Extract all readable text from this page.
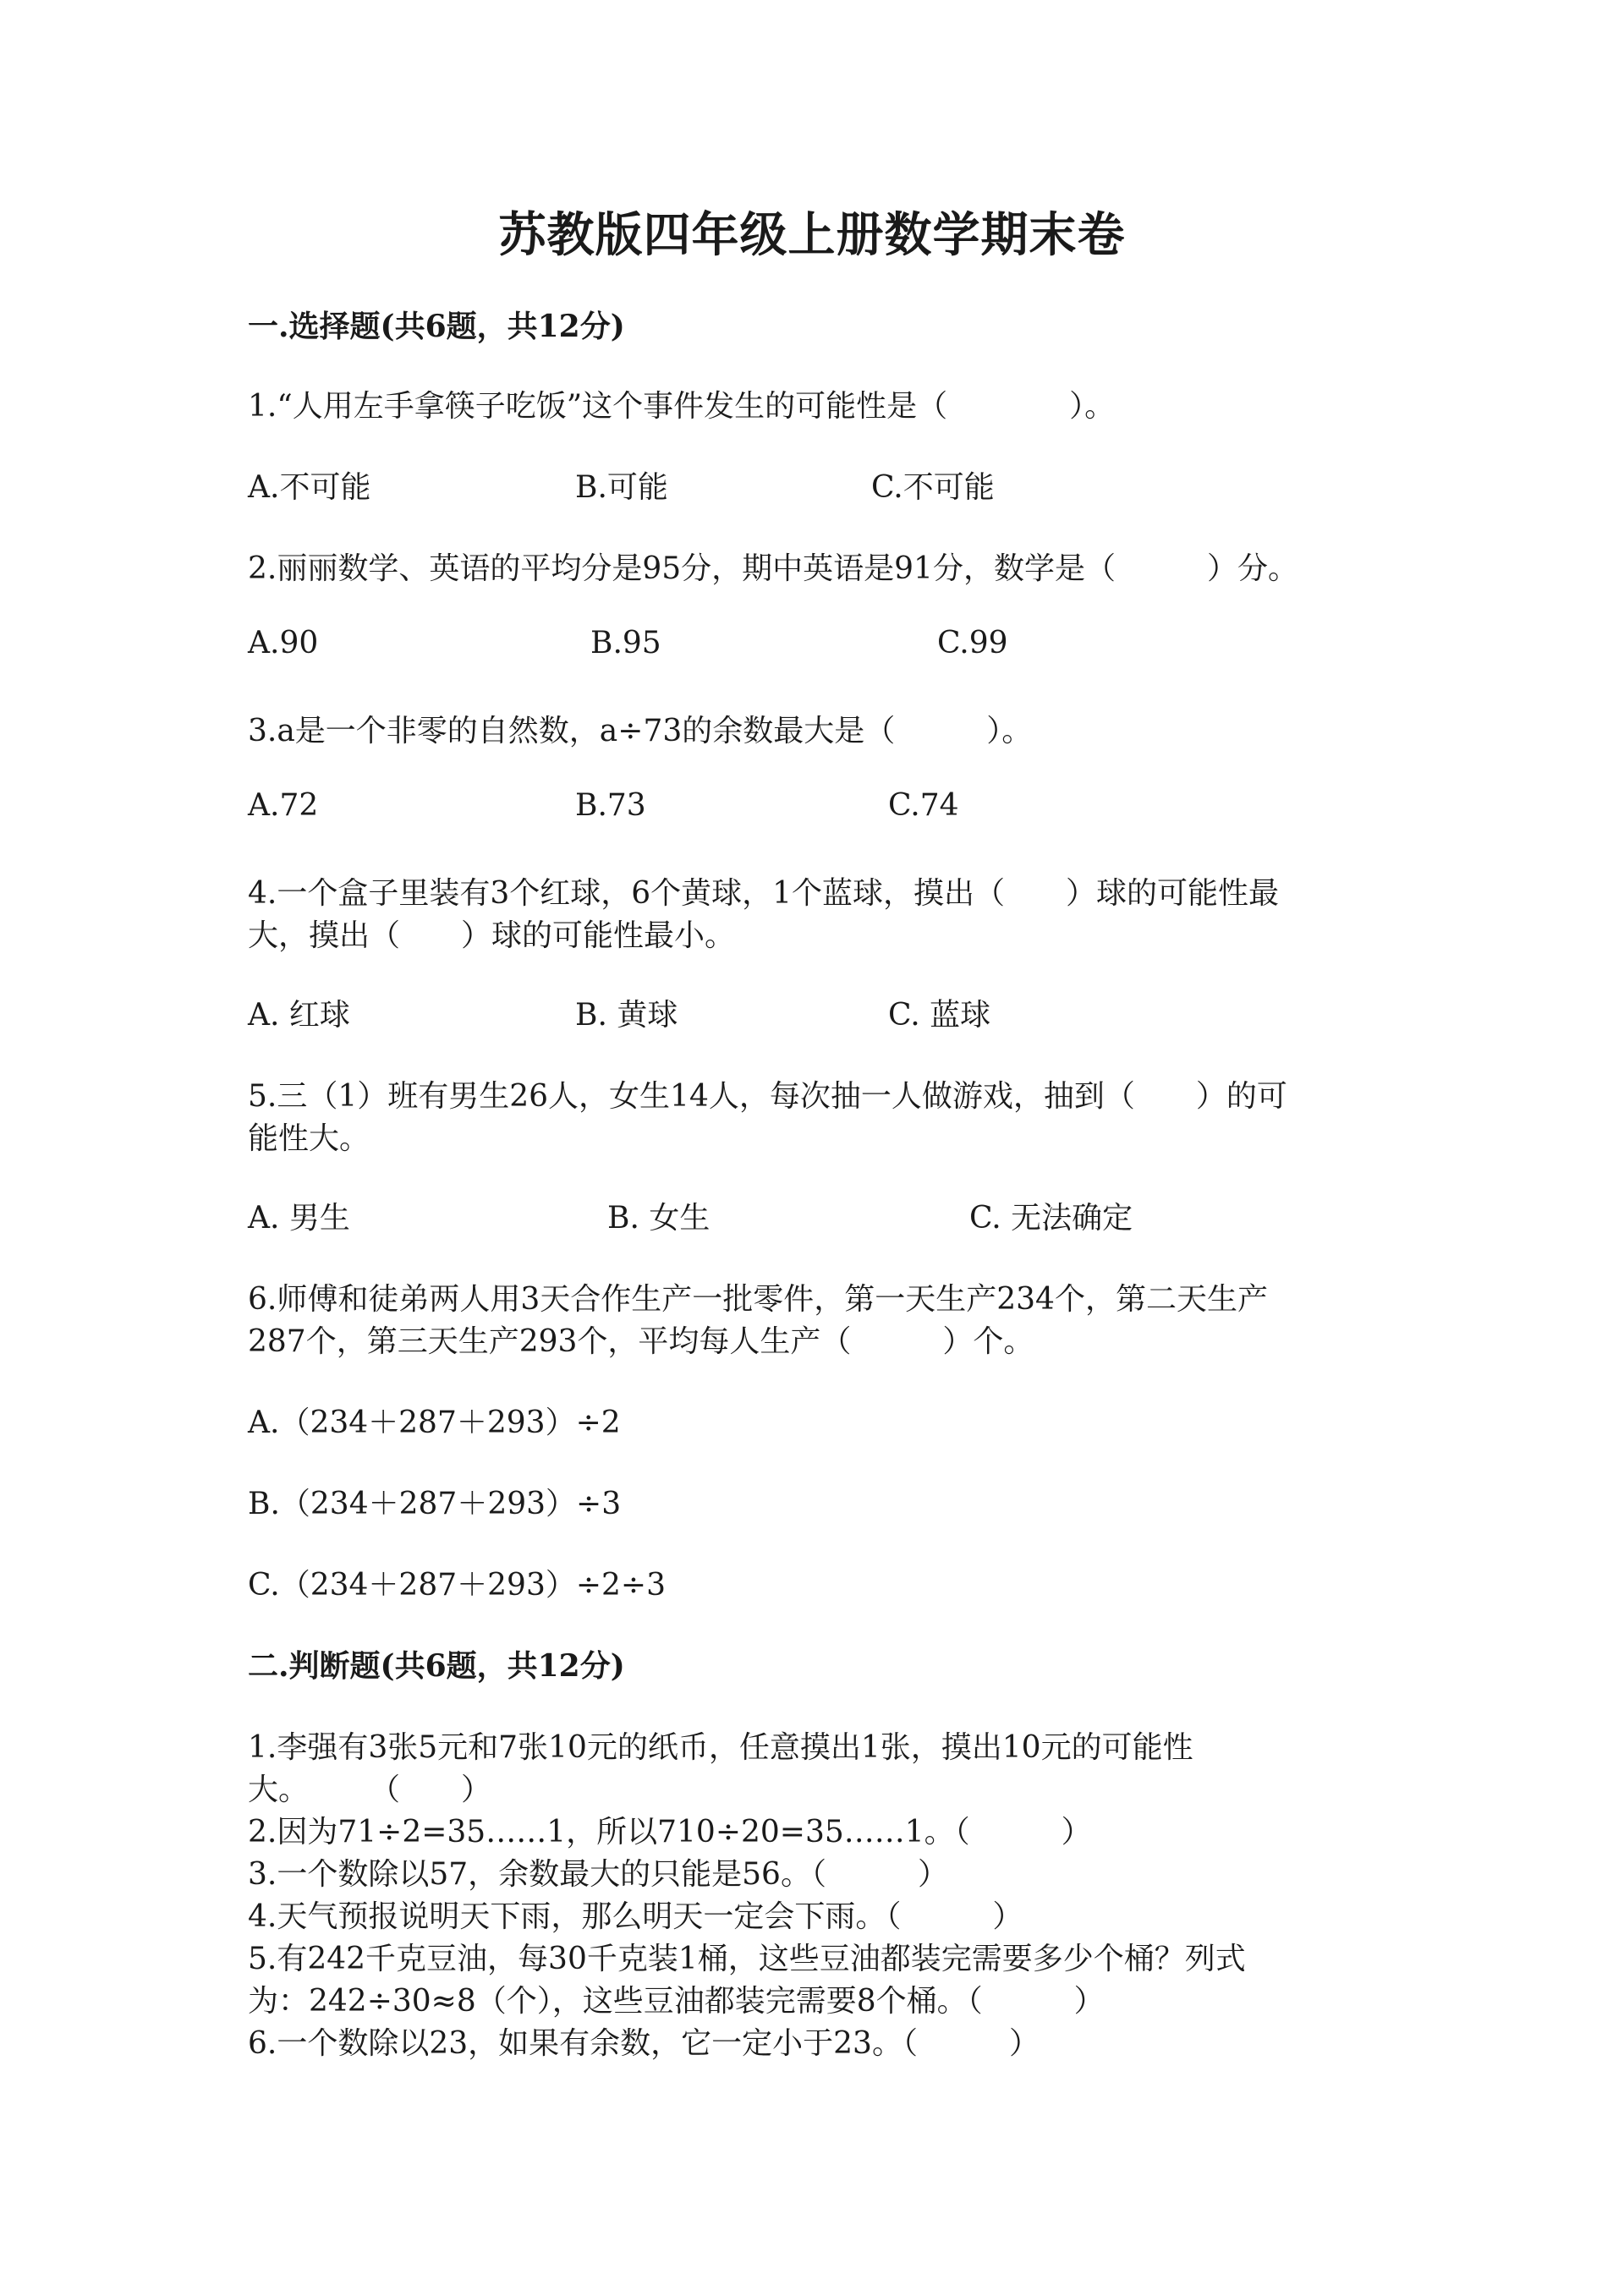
苏教版四年级上册数学期末卷
一.选择题(共6题，共12分)
1.“人用左手拿筷子吃饭”这个事件发生的可能性是（　　　　）。
A.不可能	B.可能	C.不可能
2.丽丽数学、英语的平均分是95分，期中英语是91分，数学是（　　　）分。
A.90	B.95	C.99
3.a是一个非零的自然数，a÷73的余数最大是（　　　）。
A.72	B.73	C.74
4.一个盒子里装有3个红球，6个黄球，1个蓝球，摸出（　　）球的可能性最
大，摸出（　　）球的可能性最小。
A. 红球	B. 黄球	C. 蓝球
5.三（1）班有男生26人，女生14人，每次抽一人做游戏，抽到（　　）的可
能性大。
A. 男生	B. 女生	C. 无法确定
6.师傅和徒弟两人用3天合作生产一批零件，第一天生产234个，第二天生产
287个，第三天生产293个，平均每人生产（　　　）个。
A.（234＋287＋293）÷2
B.（234＋287＋293）÷3
C.（234＋287＋293）÷2÷3
二.判断题(共6题，共12分)
1.李强有3张5元和7张10元的纸币，任意摸出1张，摸出10元的可能性
大。　　　（　　）
2.因为71÷2=35……1，所以710÷20=35……1。（　　　）
3.一个数除以57，余数最大的只能是56。（　　　）
4.天气预报说明天下雨，那么明天一定会下雨。（　　　）
5.有242千克豆油，每30千克装1桶，这些豆油都装完需要多少个桶？列式
为：242÷30≈8（个），这些豆油都装完需要8个桶。（　　　）
6.一个数除以23，如果有余数，它一定小于23。（　　　）
